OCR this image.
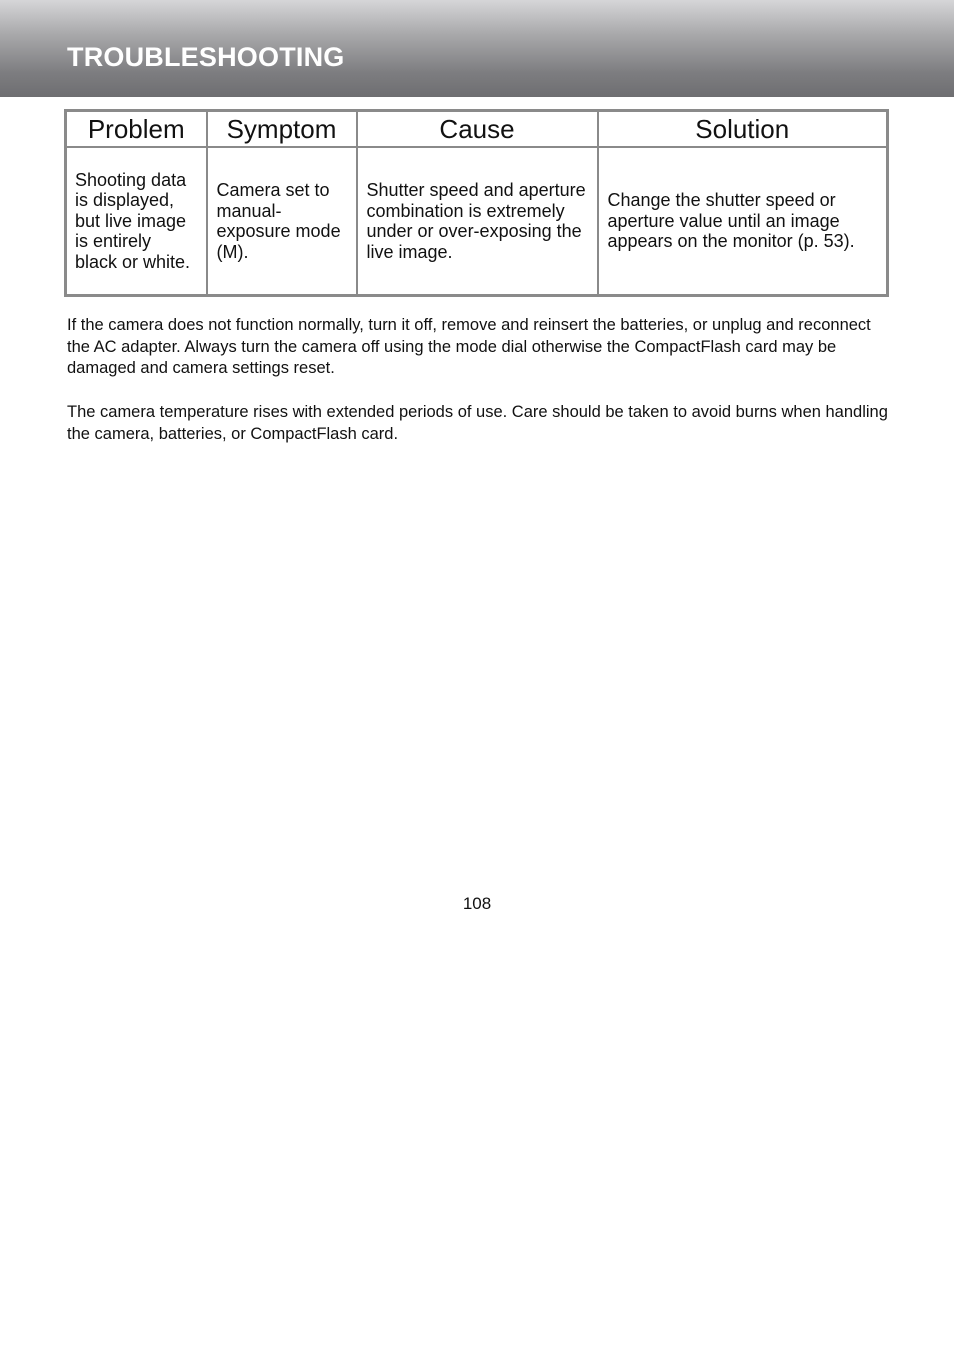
TROUBLESHOOTING
Problem	Symptom	Cause	Solution
Shooting data is displayed, but live image is entirely black or white.	Camera set to manual-exposure mode (M).	Shutter speed and aperture combination is extremely under or over-exposing the live image.	Change the shutter speed or aperture value until an image appears on the monitor (p. 53).

If the camera does not function normally, turn it off, remove and reinsert the batteries, or unplug and reconnect the AC adapter. Always turn the camera off using the mode dial otherwise the CompactFlash card may be damaged and camera settings reset.

The camera temperature rises with extended periods of use. Care should be taken to avoid burns when handling the camera, batteries, or CompactFlash card.

108
